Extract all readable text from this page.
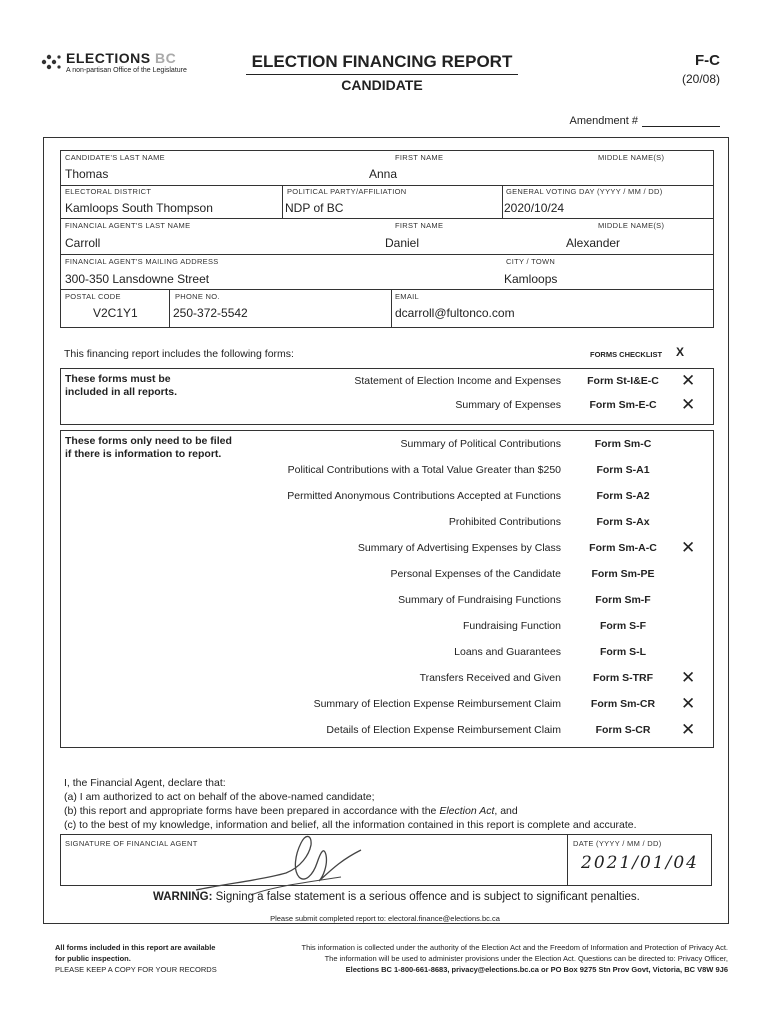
ELECTIONS BC
A non-partisan Office of the Legislature	ELECTION FINANCING REPORT
CANDIDATE
F-C
(20/08)
Amendment #
CANDIDATE'S LAST NAME
Thomas
FIRST NAME
Anna
MIDDLE NAME(S)
ELECTORAL DISTRICT
Kamloops South Thompson
POLITICAL PARTY/AFFILIATION
NDP of BC
GENERAL VOTING DAY (YYYY / MM / DD)
2020/10/24
FINANCIAL AGENT'S LAST NAME
Carroll
FIRST NAME
Daniel
MIDDLE NAME(S)
Alexander
FINANCIAL AGENT'S MAILING ADDRESS
300-350 Lansdowne Street
CITY / TOWN
Kamloops
POSTAL CODE
V2C1Y1
PHONE NO.
250-372-5542
EMAIL
dcarroll@fultonco.com
This financing report includes the following forms:	FORMS CHECKLIST X
These forms must be
included in all reports.
Statement of Election Income and Expenses	Form St-I&E-C	✕
Summary of Expenses	Form Sm-E-C	✕
These forms only need to be filed
if there is information to report.
Summary of Political Contributions	Form Sm-C
Political Contributions with a Total Value Greater than $250	Form S-A1
Permitted Anonymous Contributions Accepted at Functions	Form S-A2
Prohibited Contributions	Form S-Ax
Summary of Advertising Expenses by Class	Form Sm-A-C	✕
Personal Expenses of the Candidate	Form Sm-PE
Summary of Fundraising Functions	Form Sm-F
Fundraising Function	Form S-F
Loans and Guarantees	Form S-L
Transfers Received and Given	Form S-TRF	✕
Summary of Election Expense Reimbursement Claim	Form Sm-CR	✕
Details of Election Expense Reimbursement Claim	Form S-CR	✕
I, the Financial Agent, declare that:
(a) I am authorized to act on behalf of the above-named candidate;
(b) this report and appropriate forms have been prepared in accordance with the Election Act, and
(c) to the best of my knowledge, information and belief, all the information contained in this report is complete and accurate.
SIGNATURE OF FINANCIAL AGENT	DATE (YYYY / MM / DD)
2021/01/04
WARNING: Signing a false statement is a serious offence and is subject to significant penalties.
Please submit completed report to: electoral.finance@elections.bc.ca
All forms included in this report are available
for public inspection.
PLEASE KEEP A COPY FOR YOUR RECORDS
This information is collected under the authority of the Election Act and the Freedom of Information and Protection of Privacy Act.
The information will be used to administer provisions under the Election Act. Questions can be directed to: Privacy Officer,
Elections BC 1-800-661-8683, privacy@elections.bc.ca or PO Box 9275 Stn Prov Govt, Victoria, BC V8W 9J6
